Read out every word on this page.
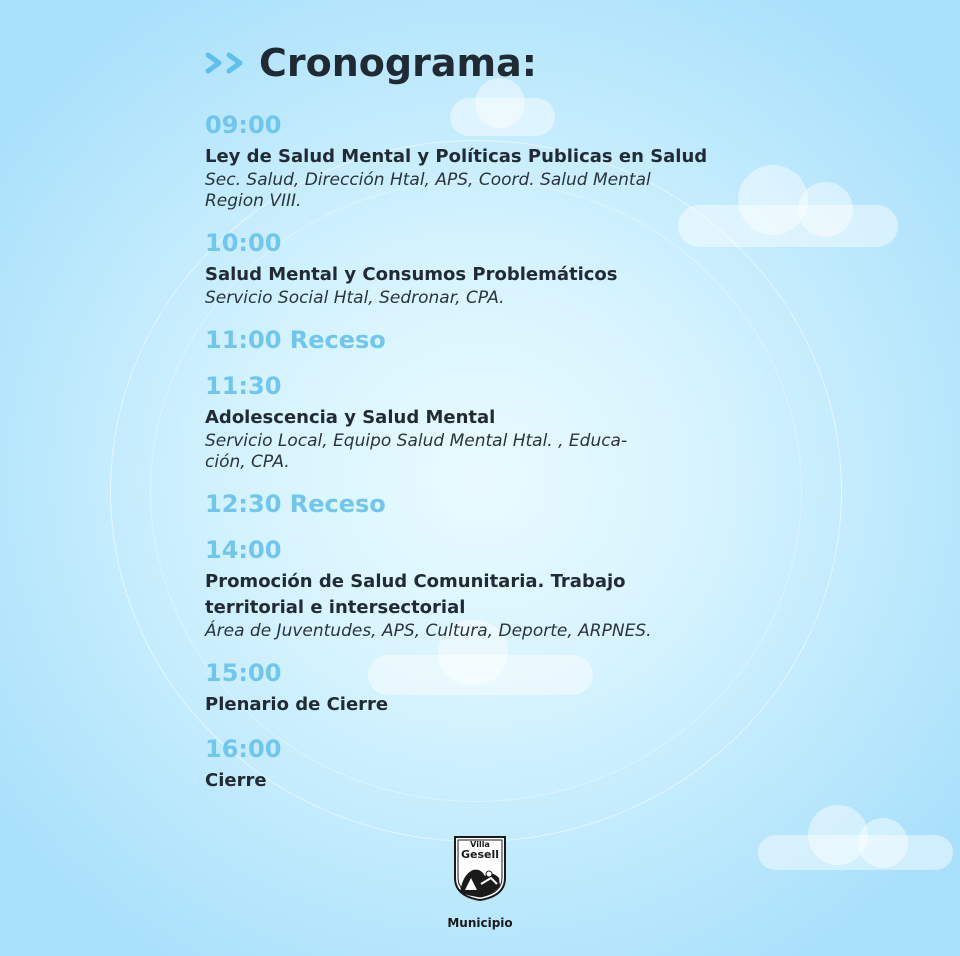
Cronograma:
09:00
Ley de Salud Mental y Políticas Publicas en Salud
Sec. Salud, Dirección Htal, APS, Coord. Salud Mental
Region VIII.
10:00
Salud Mental y Consumos Problemáticos
Servicio Social Htal, Sedronar, CPA.
11:00 Receso
11:30
Adolescencia y Salud Mental
Servicio Local, Equipo Salud Mental Htal. , Educa-
ción, CPA.
12:30 Receso
14:00
Promoción de Salud Comunitaria. Trabajo
territorial e intersectorial
Área de Juventudes, APS, Cultura, Deporte, ARPNES.
15:00
Plenario de Cierre
16:00
Cierre
Villa
Gesell
Municipio
